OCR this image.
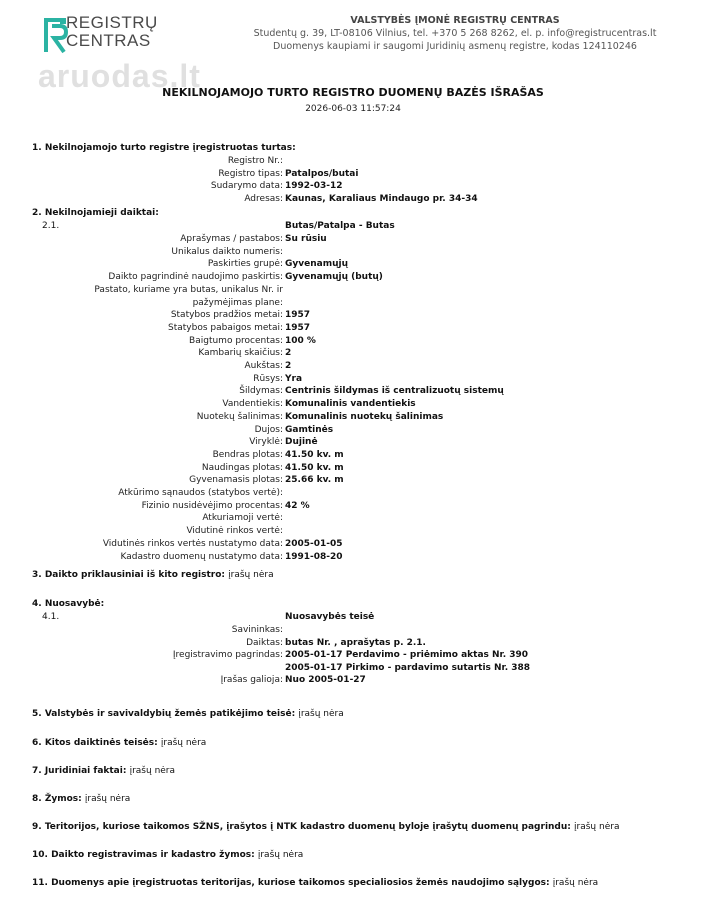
REGISTRŲ
CENTRAS
VALSTYBĖS ĮMONĖ REGISTRŲ CENTRAS
Studentų g. 39, LT-08106 Vilnius, tel. +370 5 268 8262, el. p. info@registrucentras.lt
Duomenys kaupiami ir saugomi Juridinių asmenų registre, kodas 124110246
aruodas.lt
NEKILNOJAMOJO TURTO REGISTRO DUOMENŲ BAZĖS IŠRAŠAS
2026-06-03 11:57:24
1. Nekilnojamojo turto registre įregistruotas turtas:
Registro Nr.:
Registro tipas: Patalpos/butai
Sudarymo data: 1992-03-12
Adresas: Kaunas, Karaliaus Mindaugo pr. 34-34
2. Nekilnojamieji daiktai:
2.1.	Butas/Patalpa - Butas
Aprašymas / pastabos: Su rūsiu
Unikalus daikto numeris:
Paskirties grupė: Gyvenamųjų
Daikto pagrindinė naudojimo paskirtis: Gyvenamųjų (butų)
Pastato, kuriame yra butas, unikalus Nr. ir
pažymėjimas plane:
Statybos pradžios metai: 1957
Statybos pabaigos metai: 1957
Baigtumo procentas: 100 %
Kambarių skaičius: 2
Aukštas: 2
Rūsys: Yra
Šildymas: Centrinis šildymas iš centralizuotų sistemų
Vandentiekis: Komunalinis vandentiekis
Nuotekų šalinimas: Komunalinis nuotekų šalinimas
Dujos: Gamtinės
Viryklė: Dujinė
Bendras plotas: 41.50 kv. m
Naudingas plotas: 41.50 kv. m
Gyvenamasis plotas: 25.66 kv. m
Atkūrimo sąnaudos (statybos vertė):
Fizinio nusidėvėjimo procentas: 42 %
Atkuriamoji vertė:
Vidutinė rinkos vertė:
Vidutinės rinkos vertės nustatymo data: 2005-01-05
Kadastro duomenų nustatymo data: 1991-08-20
3. Daikto priklausiniai iš kito registro: įrašų nėra
4. Nuosavybė:
4.1.	Nuosavybės teisė
Savininkas:
Daiktas: butas Nr. , aprašytas p. 2.1.
Įregistravimo pagrindas: 2005-01-17 Perdavimo - priėmimo aktas Nr. 390
2005-01-17 Pirkimo - pardavimo sutartis Nr. 388
Įrašas galioja: Nuo 2005-01-27
5. Valstybės ir savivaldybių žemės patikėjimo teisė: įrašų nėra
6. Kitos daiktinės teisės: įrašų nėra
7. Juridiniai faktai: įrašų nėra
8. Žymos: įrašų nėra
9. Teritorijos, kuriose taikomos SŽNS, įrašytos į NTK kadastro duomenų byloje įrašytų duomenų pagrindu: įrašų nėra
10. Daikto registravimas ir kadastro žymos: įrašų nėra
11. Duomenys apie įregistruotas teritorijas, kuriose taikomos specialiosios žemės naudojimo sąlygos: įrašų nėra
